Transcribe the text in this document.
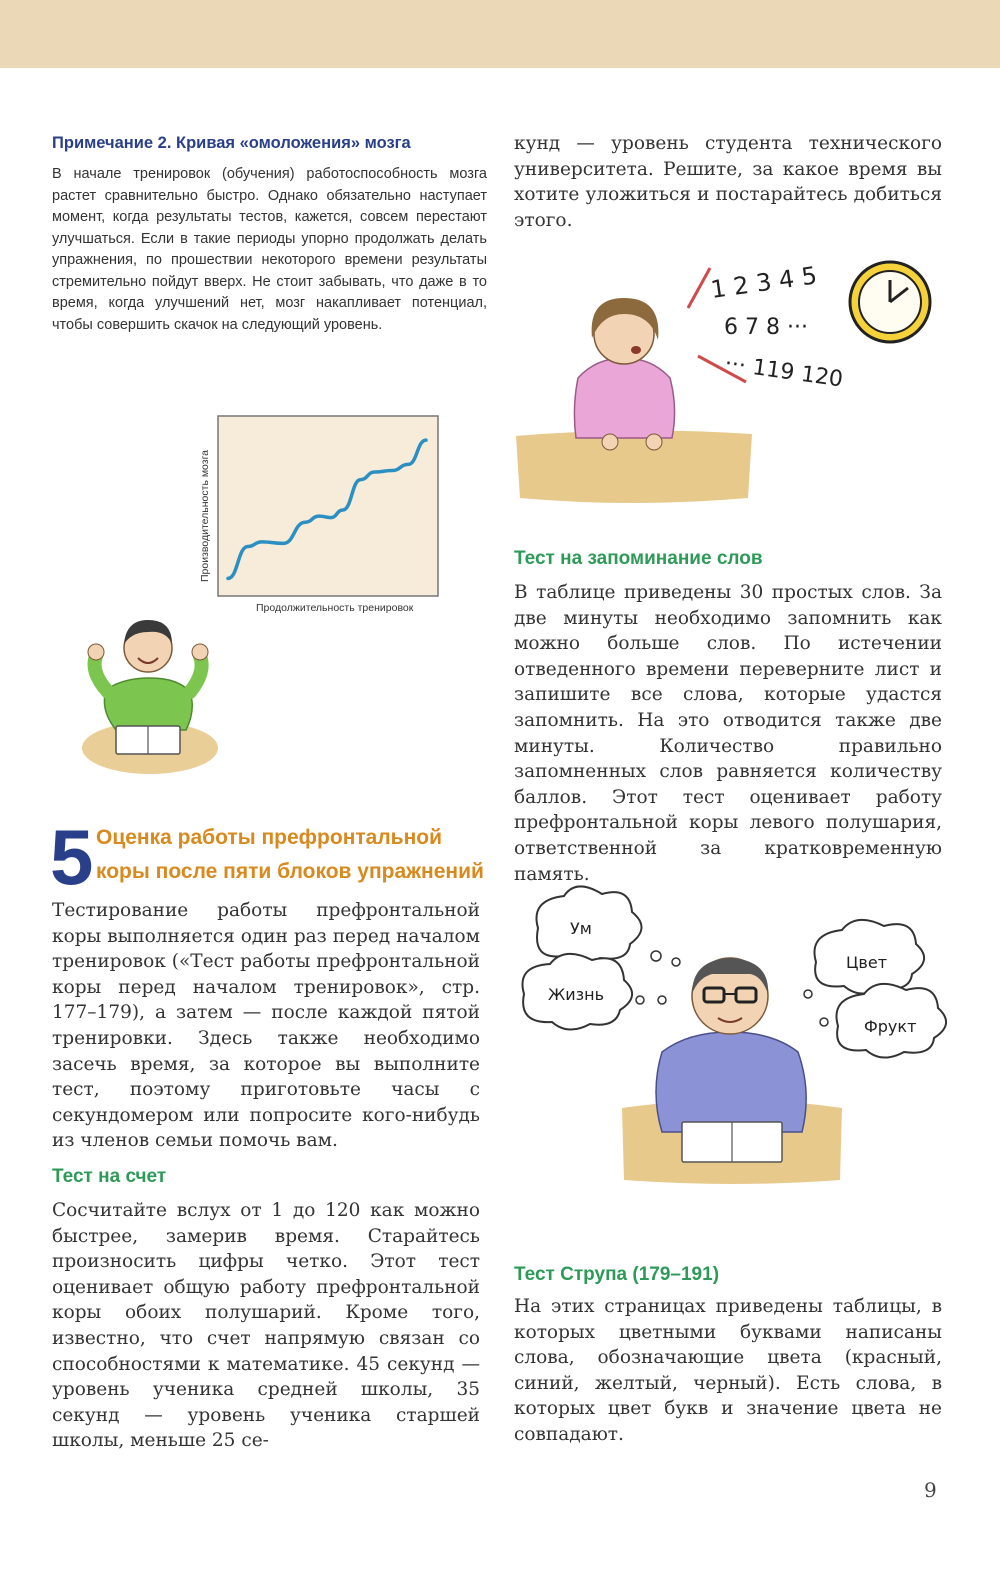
Примечание 2. Кривая «омоложения» мозга
В начале тренировок (обучения) работоспособность мозга растет сравнительно быстро. Однако обязательно наступает момент, когда результаты тестов, кажется, совсем перестают улучшаться. Если в такие периоды упорно продолжать делать упражнения, по прошествии некоторого времени результаты стремительно пойдут вверх. Не стоит забывать, что даже в то время, когда улучшений нет, мозг накапливает потенциал, чтобы совершить скачок на следующий уровень.
Производительность мозга
Продолжительность тренировок
5 Оценка работы префронтальной коры после пяти блоков упражнений
Тестирование работы префронтальной коры выполняется один раз перед началом тренировок («Тест работы префронтальной коры перед началом тренировок», стр. 177–179), а затем — после каждой пятой тренировки. Здесь также необходимо засечь время, за которое вы выполните тест, поэтому приготовьте часы с секундомером или попросите кого-нибудь из членов семьи помочь вам.
Тест на счет
Сосчитайте вслух от 1 до 120 как можно быстрее, замерив время. Старайтесь произносить цифры четко. Этот тест оценивает общую работу префронтальной коры обоих полушарий. Кроме того, известно, что счет напрямую связан со способностями к математике. 45 секунд — уровень ученика средней школы, 35 секунд — уровень ученика старшей школы, меньше 25 се-
кунд — уровень студента технического университета. Решите, за какое время вы хотите уложиться и постарайтесь добиться этого.
1 2 3 4 5
6 7 8 ···
··· 119 120
Тест на запоминание слов
В таблице приведены 30 простых слов. За две минуты необходимо запомнить как можно больше слов. По истечении отведенного времени переверните лист и запишите все слова, которые удастся запомнить. На это отводится также две минуты. Количество правильно запомненных слов равняется количеству баллов. Этот тест оценивает работу префронтальной коры левого полушария, ответственной за кратковременную память.
Ум
Жизнь
Цвет
Фрукт
Тест Струпа (179–191)
На этих страницах приведены таблицы, в которых цветными буквами написаны слова, обозначающие цвета (красный, синий, желтый, черный). Есть слова, в которых цвет букв и значение цвета не совпадают.
9
